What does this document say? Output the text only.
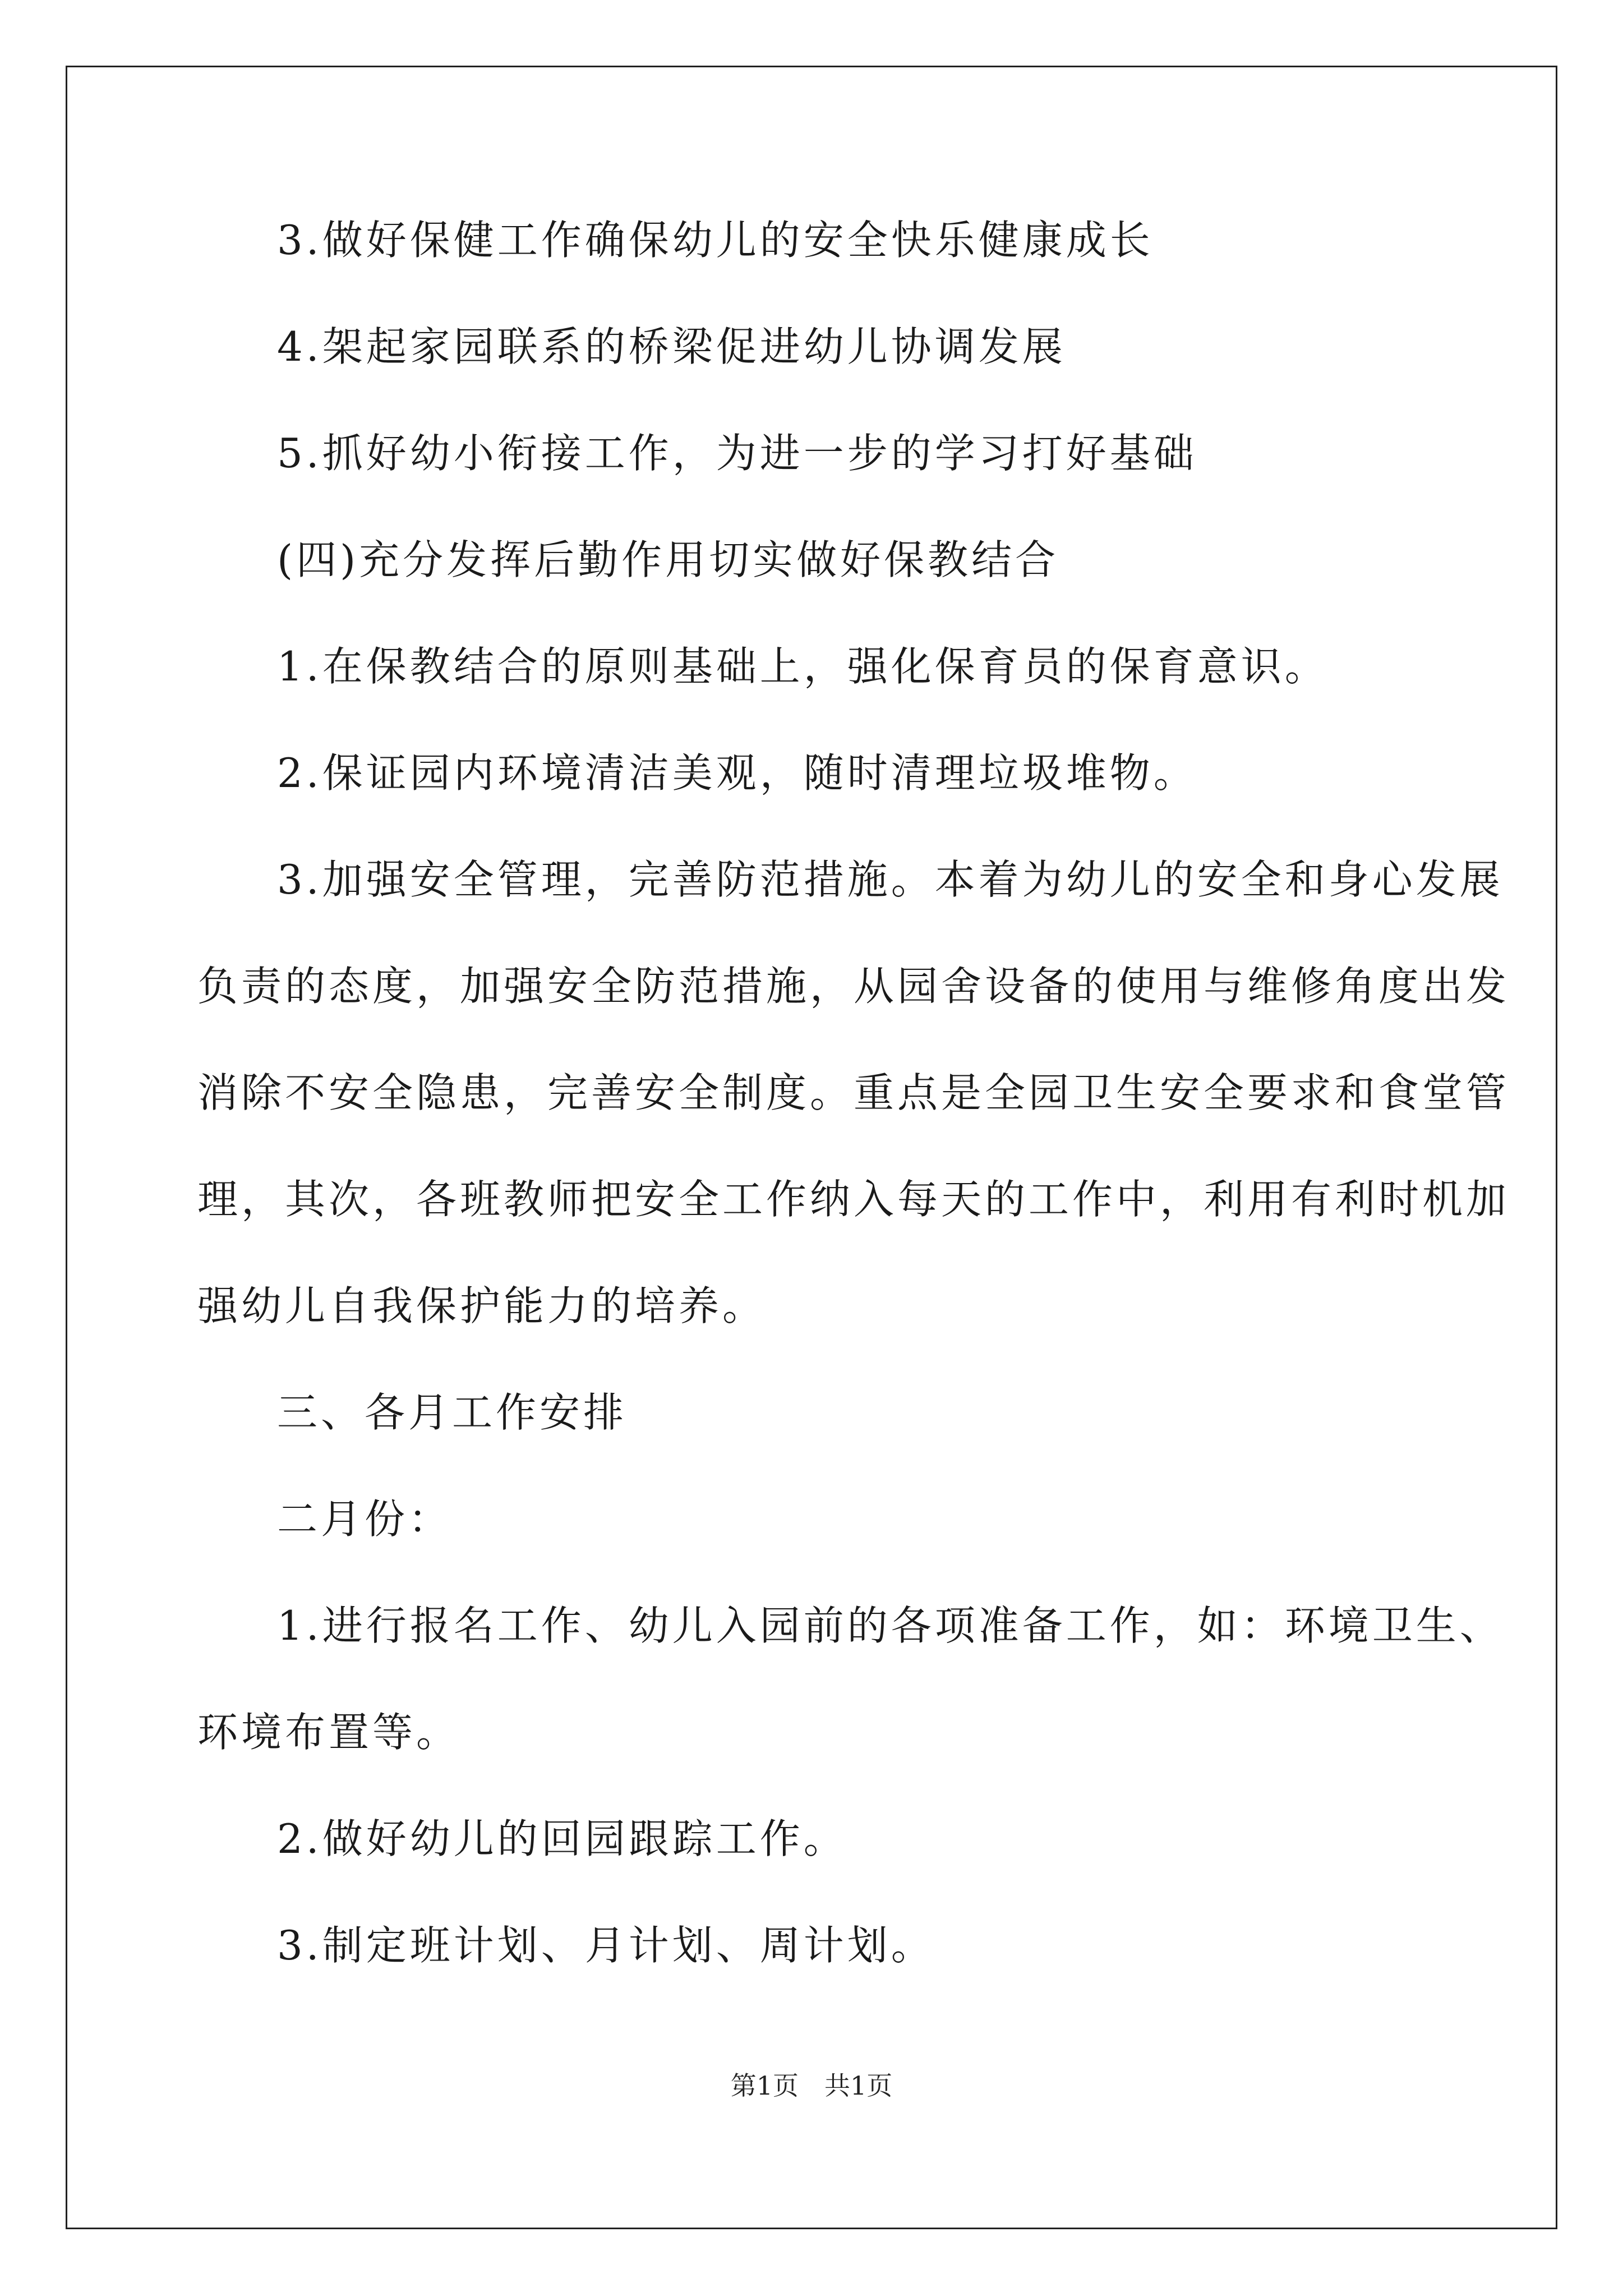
3.做好保健工作确保幼儿的安全快乐健康成长
4.架起家园联系的桥梁促进幼儿协调发展
5.抓好幼小衔接工作，为进一步的学习打好基础
(四)充分发挥后勤作用切实做好保教结合
1.在保教结合的原则基础上，强化保育员的保育意识。
2.保证园内环境清洁美观，随时清理垃圾堆物。
3.加强安全管理，完善防范措施。本着为幼儿的安全和身心发展
负责的态度，加强安全防范措施，从园舍设备的使用与维修角度出发
消除不安全隐患，完善安全制度。重点是全园卫生安全要求和食堂管
理，其次，各班教师把安全工作纳入每天的工作中，利用有利时机加
强幼儿自我保护能力的培养。
三、各月工作安排
二月份：
1.进行报名工作、幼儿入园前的各项准备工作，如：环境卫生、
环境布置等。
2.做好幼儿的回园跟踪工作。
3.制定班计划、月计划、周计划。
第1页　共1页
